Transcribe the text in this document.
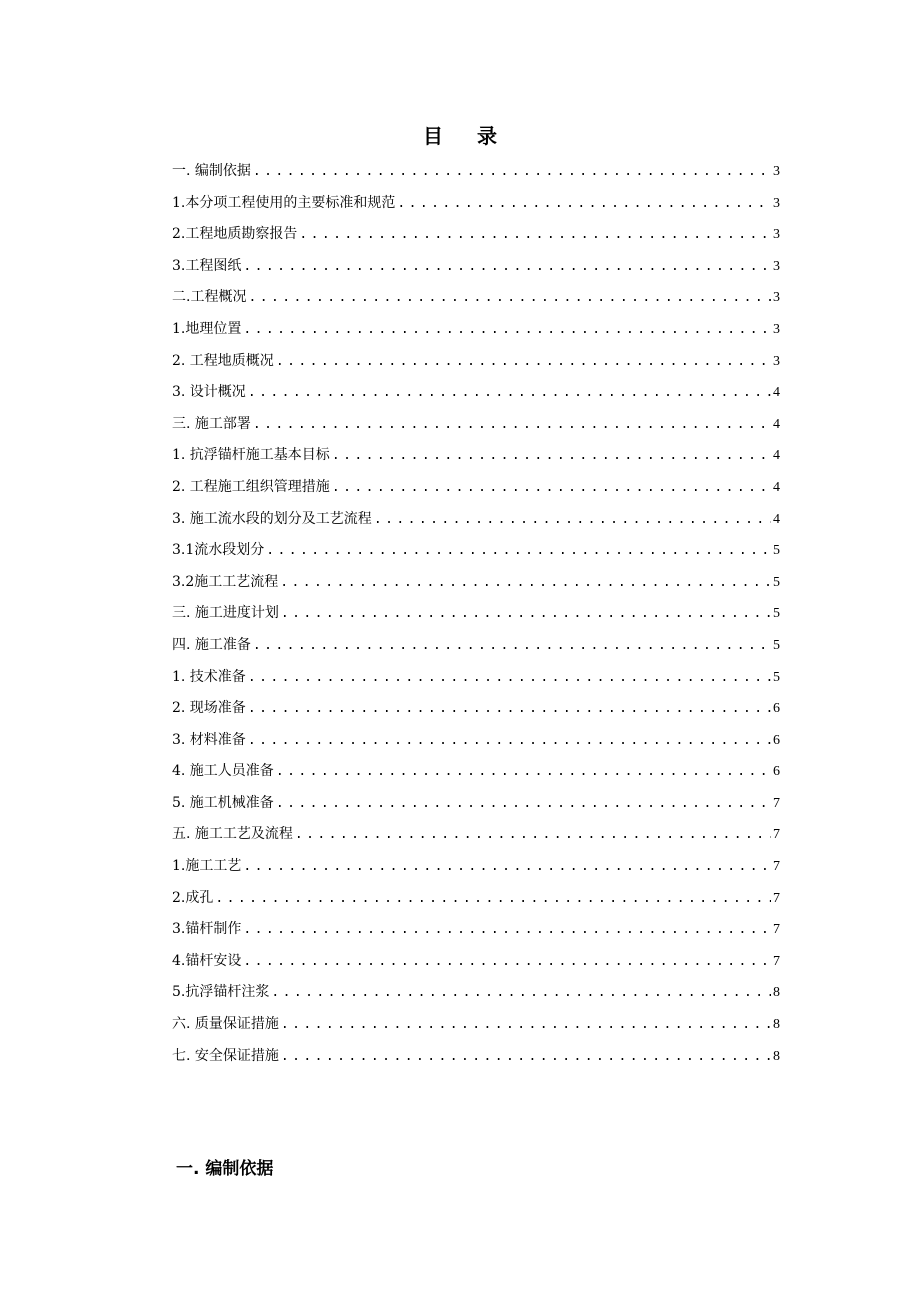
目 录
一. 编制依据 . . .	3
1.本分项工程使用的主要标准和规范 . . .	3
2.工程地质勘察报告 . . .	3
3.工程图纸 . . .	3
二.工程概况 . . .	3
1.地理位置 . . .	3
2. 工程地质概况 . . .	3
3. 设计概况 . . .	4
三. 施工部署 . . .	4
1. 抗浮锚杆施工基本目标 . . .	4
2. 工程施工组织管理措施 . . .	4
3. 施工流水段的划分及工艺流程 . . .	4
3.1流水段划分 . . .	5
3.2施工工艺流程 . . .	5
三. 施工进度计划 . . .	5
四. 施工准备 . . .	5
1. 技术准备 . . .	5
2. 现场准备 . . .	6
3. 材料准备 . . .	6
4. 施工人员准备 . . .	6
5. 施工机械准备 . . .	7
五. 施工工艺及流程 . . .	7
1.施工工艺 . . .	7
2.成孔 . . .	7
3.锚杆制作 . . .	7
4.锚杆安设 . . .	7
5.抗浮锚杆注浆 . . .	8
六. 质量保证措施 . . .	8
七. 安全保证措施 . . .	8
一. 编制依据
